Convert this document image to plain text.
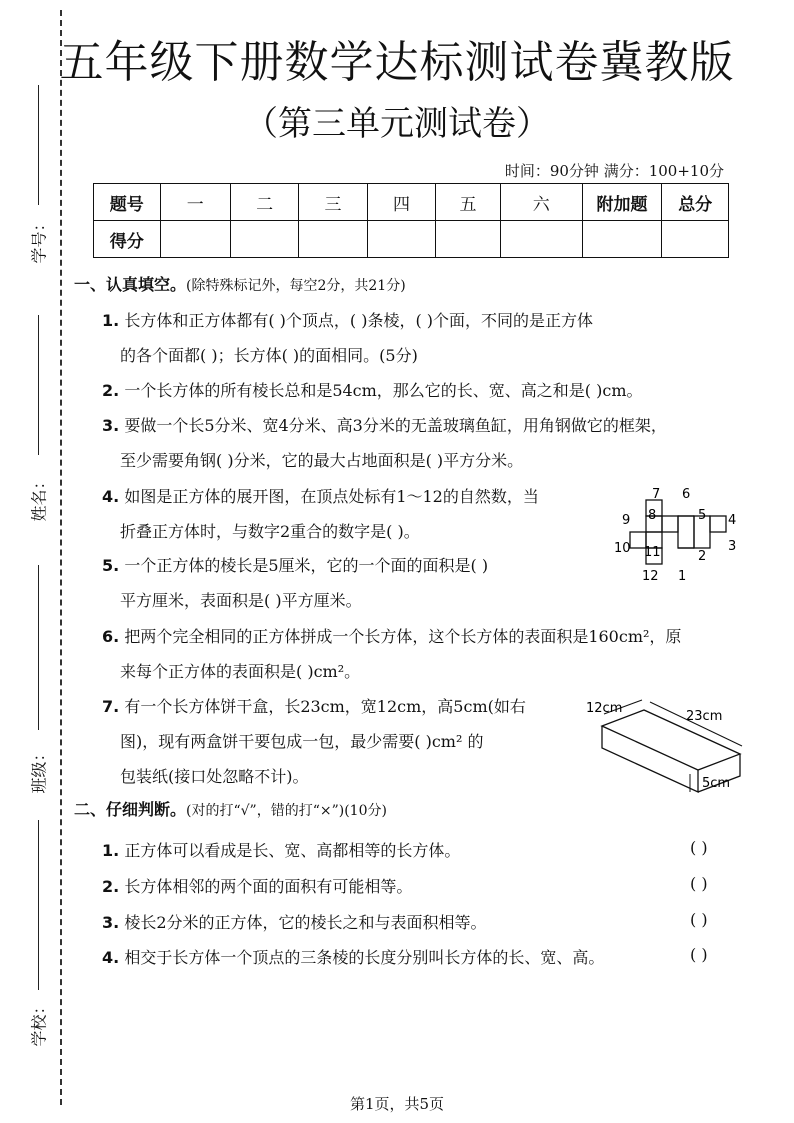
学号：
姓名：
班级：
学校：
五年级下册数学达标测试卷冀教版
（第三单元测试卷）
时间：90分钟 满分：100+10分
题号	一	二	三	四	五	六	附加题	总分
得分								
一、认真填空。(除特殊标记外，每空2分，共21分)
1. 长方体和正方体都有( )个顶点，( )条棱，( )个面，不同的是正方体
的各个面都( )；长方体( )的面相同。(5分)
2. 一个长方体的所有棱长总和是54cm，那么它的长、宽、高之和是( )cm。
3. 要做一个长5分米、宽4分米、高3分米的无盖玻璃鱼缸，用角钢做它的框架，
至少需要角钢( )分米，它的最大占地面积是( )平方分米。
4. 如图是正方体的展开图，在顶点处标有1～12的自然数，当
折叠正方体时，与数字2重合的数字是( )。
5. 一个正方体的棱长是5厘米，它的一个面的面积是( )
平方厘米，表面积是( )平方厘米。
6. 把两个完全相同的正方体拼成一个长方体，这个长方体的表面积是160cm²，原
来每个正方体的表面积是( )cm²。
7. 有一个长方体饼干盒，长23cm，宽12cm，高5cm(如右
图)，现有两盒饼干要包成一包，最少需要( )cm² 的
包装纸(接口处忽略不计)。
7 6
8	5 4
9
10 11	2
3
12 1
12cm
23cm
5cm
二、仔细判断。(对的打“√”，错的打“×”)(10分)
1. 正方体可以看成是长、宽、高都相等的长方体。	( )
2. 长方体相邻的两个面的面积有可能相等。	( )
3. 棱长2分米的正方体，它的棱长之和与表面积相等。	( )
4. 相交于长方体一个顶点的三条棱的长度分别叫长方体的长、宽、高。	( )
第1页，共5页
